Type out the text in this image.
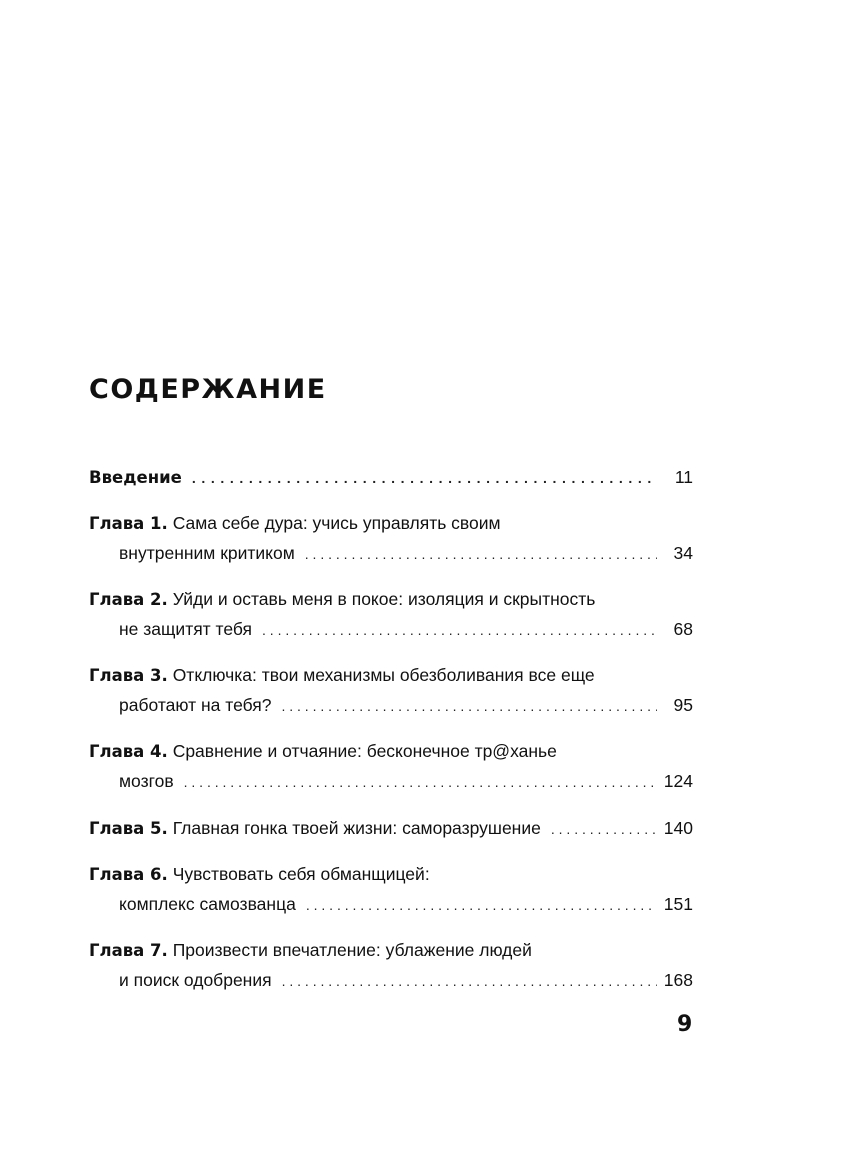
СОДЕРЖАНИЕ
Введение .....	11
Глава 1.
Сама себе дура: учись управлять своим
внутренним критиком . . .	34
Глава 2.
Уйди и оставь меня в покое: изоляция и скрытность
не защитят тебя . . .	68
Глава 3.
Отключка: твои механизмы обезболивания все еще
работают на тебя? . . .	95
Глава 4.
Сравнение и отчаяние: бесконечное тр@ханье
мозгов . . .	124
Глава 5.
Главная гонка твоей жизни: саморазрушение . . .	140
Глава 6.
Чувствовать себя обманщицей:
комплекс самозванца . . .	151
Глава 7.
Произвести впечатление: ублажение людей
и поиск одобрения . . .	168
9
